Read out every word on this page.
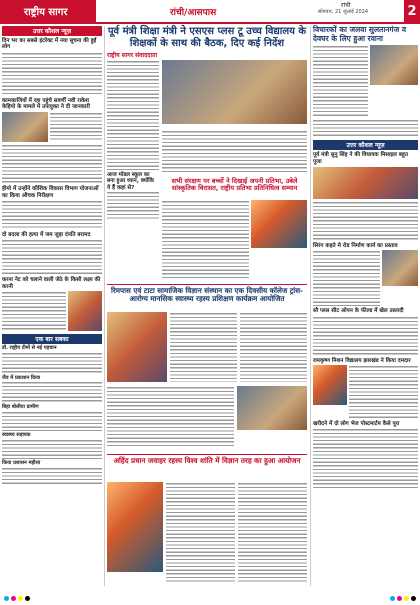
राष्ट्रीय सागर	रांची/आसपास
रांची
सोमवार, 21 जुलाई 2024	2
उत्तर कौशल न्यूज़
दिन भर का सबसे इंटरेक्ट में नया सूचना की हुई लोग
कामकाजियों में रहा पहुंचे सवर्णी नवी राकेश केहियो के मामले में उपायुक्त ने दी जानकारी
हीमो में उन्होंने कौशिक विकास विभाग योजनाओं का किया औचक निरीक्षण
दो बदला की हत्या में जम जुड़ा दंपति बरामद
करना नेट को चलाने वाली जेठे के किसी लक्ष्य की करनी
एक बार सबका
डॉ. राष्ट्रीय टीमों से नई पहचान
जैव में प्रकाशन किया
बिहा बोलीया ग्रामीण
स्वास्थ्य सहायक
किया प्रशासन महीला
पूर्व मंत्री शिक्षा मंत्री ने एसएस प्लस टू उच्च विद्यालय के शिक्षकों के साथ की बैठक, दिए कई निर्देश
राष्ट्रीय सागर संवाददाता
आज मॉडल स्कूल का बना हुआ ध्यान, क्योंकि ये हैं कहां से?
सभी संरक्षण पर बच्चों ने दिखाई अपनी प्रतिभा, उबेले सांस्कृतिक विरासत, राष्ट्रीय प्रतिभा प्रतिनिधित्व सम्मान
रिमपास एवं टाटा सामाजिक विज्ञान संस्थान का एक दिवसीय कॉलेज ट्रांस-आरोग्य मानसिक स्वास्थ्य रहस्य प्रशिक्षण कार्यक्रम आयोजित
अहिंद प्रधान जवाहर रहस्य विश्व शांति में विज्ञान तरह का हुआ आयोजन
विचारकों का जलवा सुलतानगंज व देवघर के लिए हुआ रवाना
उत्तर कौशल न्यूज़
पूर्व मंत्री सुनु सिंह ने की विधायक मिसाइल बहुत पूजा
सिरंग कहते मे रोड निर्माण कार्य का प्रस्ताव
सौ प्लस सीट ओपन के फील्ड में खेल उस्तादी
रामकृष्ण मिशन विद्यालय झारखंड ने किया दमदार
खरीदने में दो लोग भेज पोस्टमार्टम कैसे पूरा
